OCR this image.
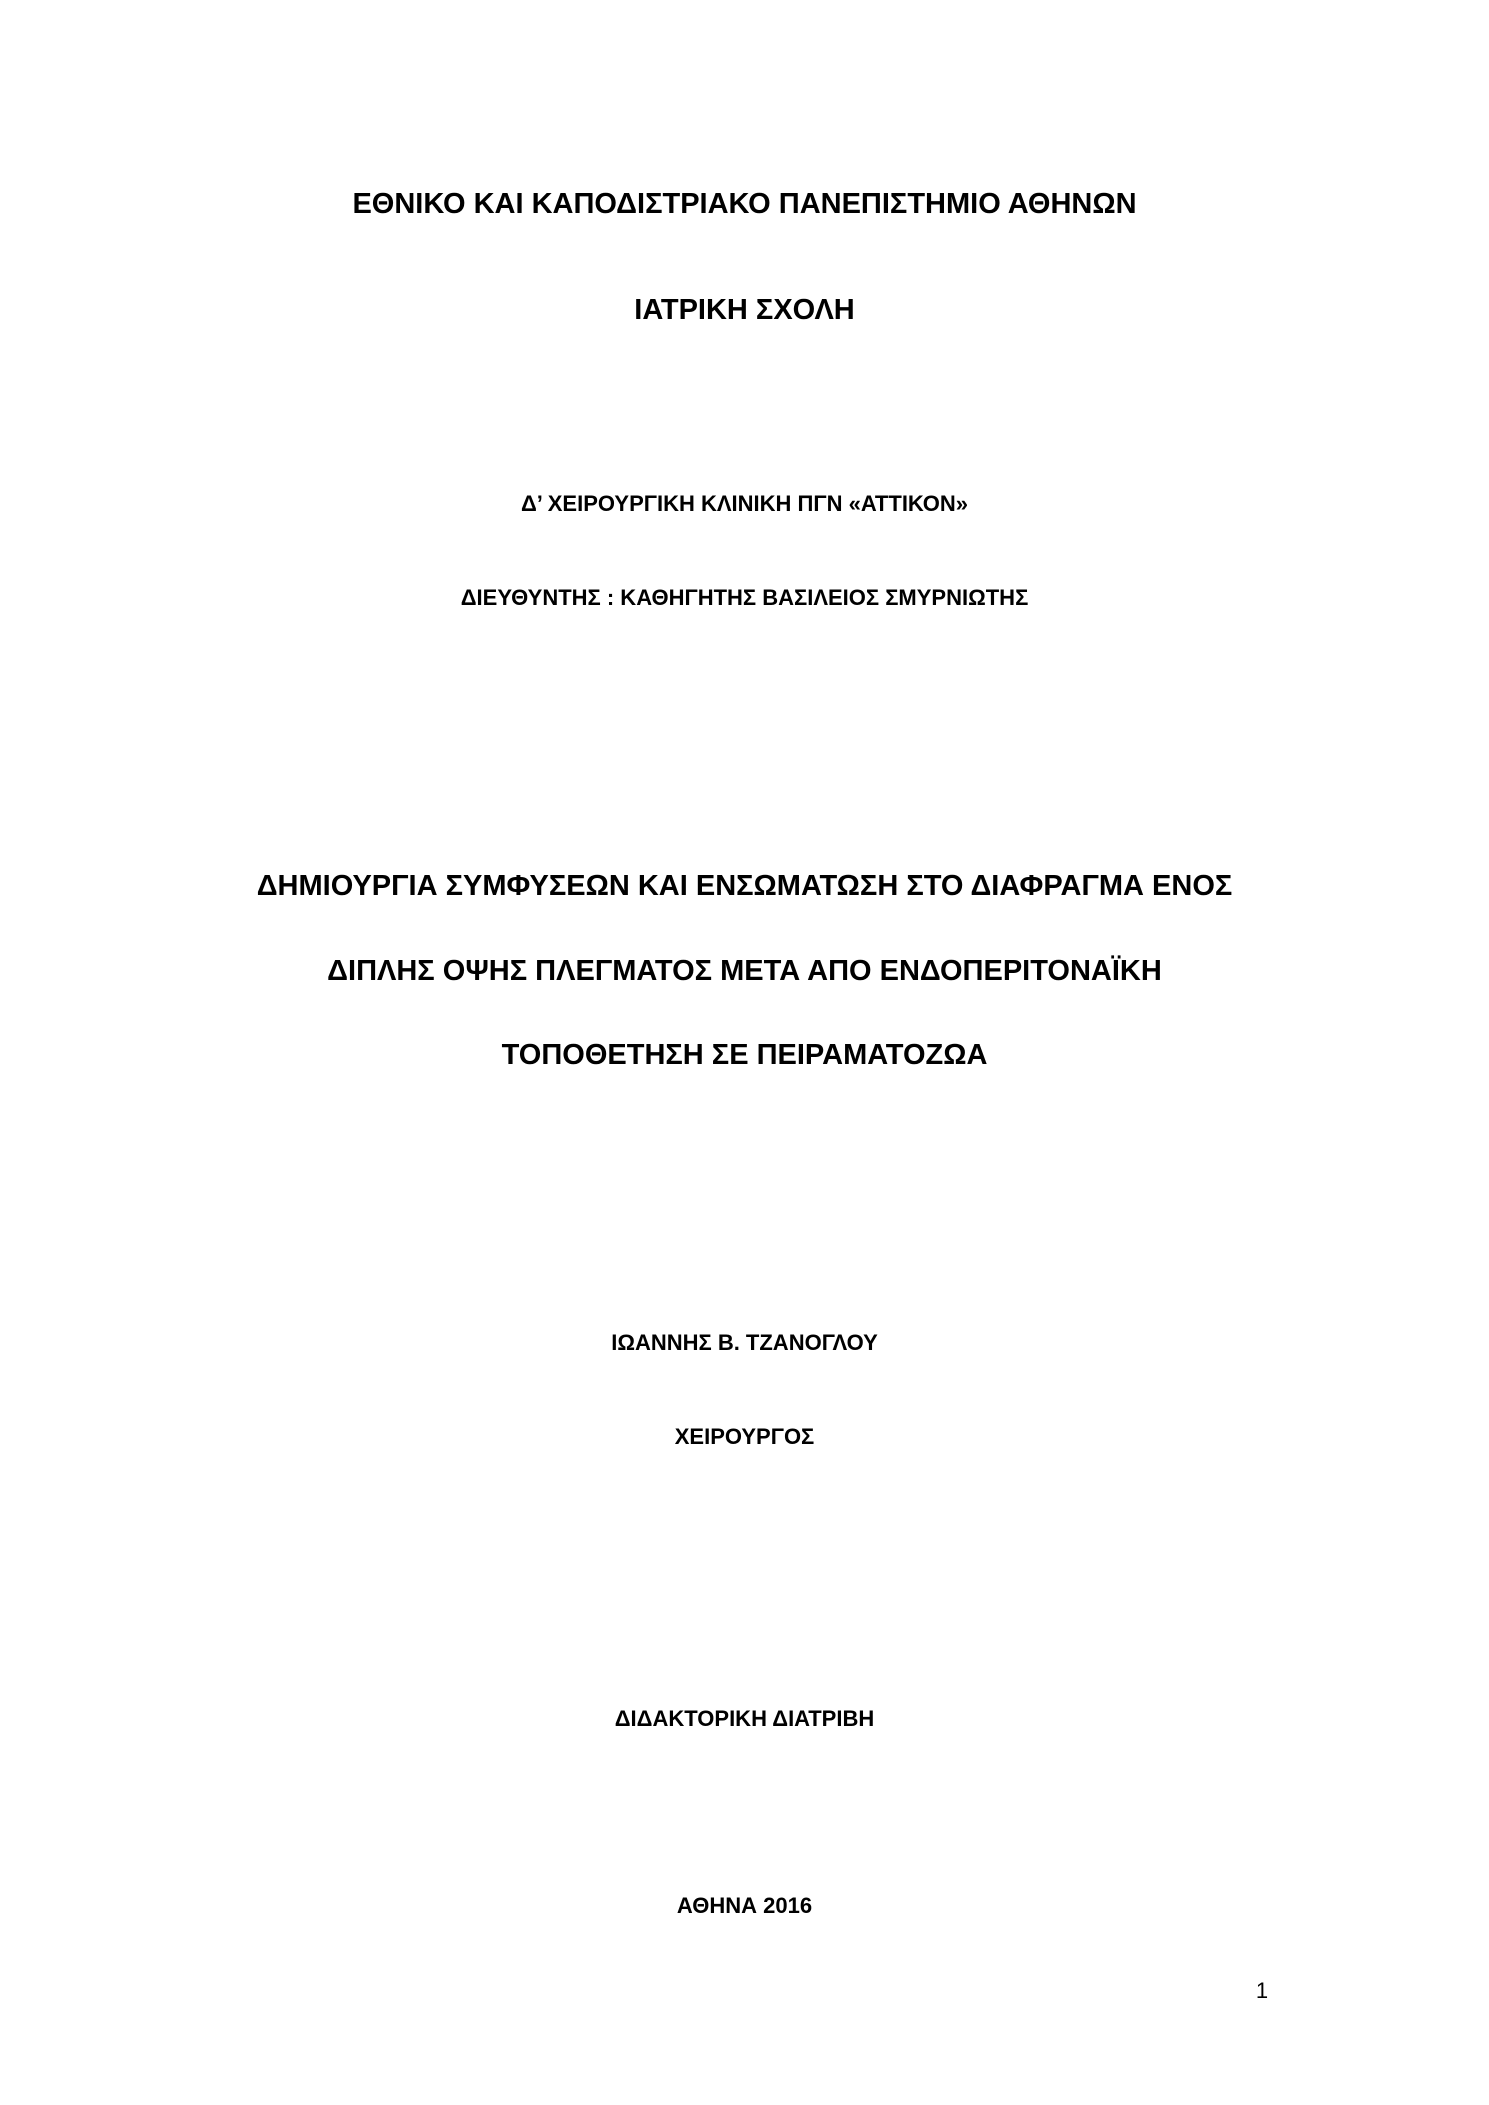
ΕΘΝΙΚΟ ΚΑΙ ΚΑΠΟΔΙΣΤΡΙΑΚΟ ΠΑΝΕΠΙΣΤΗΜΙΟ ΑΘΗΝΩΝ
ΙΑΤΡΙΚΗ ΣΧΟΛΗ
Δ’ ΧΕΙΡΟΥΡΓΙΚΗ ΚΛΙΝΙΚΗ ΠΓΝ «ΑΤΤΙΚΟΝ»
ΔΙΕΥΘΥΝΤΗΣ : ΚΑΘΗΓΗΤΗΣ ΒΑΣΙΛΕΙΟΣ ΣΜΥΡΝΙΩΤΗΣ
ΔΗΜΙΟΥΡΓΙΑ ΣΥΜΦΥΣΕΩΝ ΚΑΙ ΕΝΣΩΜΑΤΩΣΗ ΣΤΟ ΔΙΑΦΡΑΓΜΑ ΕΝΟΣ
ΔΙΠΛΗΣ ΟΨΗΣ ΠΛΕΓΜΑΤΟΣ ΜΕΤΑ ΑΠΟ ΕΝΔΟΠΕΡΙΤΟΝΑΪΚΗ
ΤΟΠΟΘΕΤΗΣΗ ΣΕ ΠΕΙΡΑΜΑΤΟΖΩΑ
ΙΩΑΝΝΗΣ Β. ΤΖΑΝΟΓΛΟΥ
ΧΕΙΡΟΥΡΓΟΣ
ΔΙΔΑΚΤΟΡΙΚΗ ΔΙΑΤΡΙΒΗ
ΑΘΗΝΑ 2016
1
